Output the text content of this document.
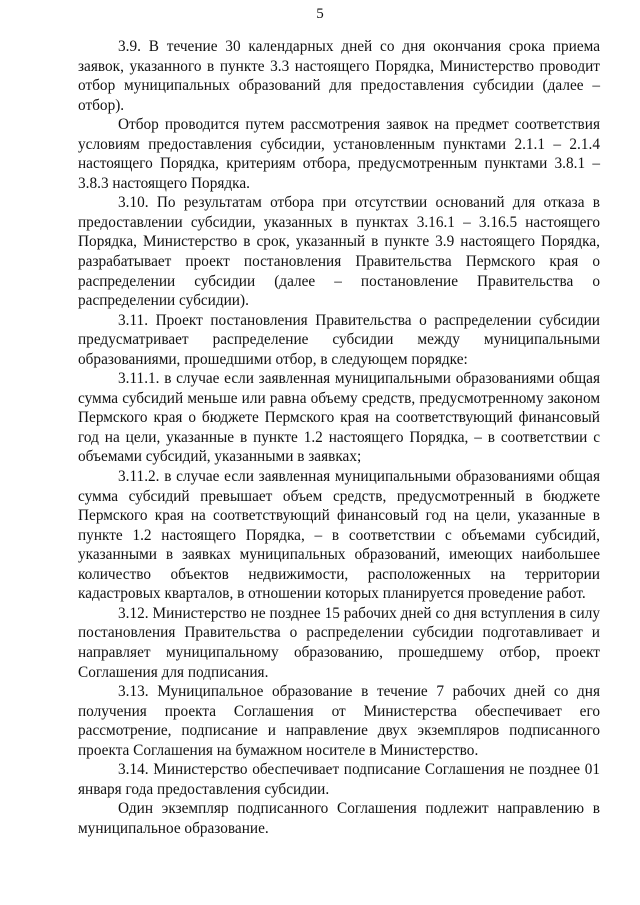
5

3.9. В течение 30 календарных дней со дня окончания срока приема заявок, указанного в пункте 3.3 настоящего Порядка, Министерство проводит отбор муниципальных образований для предоставления субсидии (далее – отбор).

Отбор проводится путем рассмотрения заявок на предмет соответствия условиям предоставления субсидии, установленным пунктами 2.1.1 – 2.1.4 настоящего Порядка, критериям отбора, предусмотренным пунктами 3.8.1 – 3.8.3 настоящего Порядка.

3.10. По результатам отбора при отсутствии оснований для отказа в предоставлении субсидии, указанных в пунктах 3.16.1 – 3.16.5 настоящего Порядка, Министерство в срок, указанный в пункте 3.9 настоящего Порядка, разрабатывает проект постановления Правительства Пермского края о распределении субсидии (далее – постановление Правительства о распределении субсидии).

3.11. Проект постановления Правительства о распределении субсидии предусматривает распределение субсидии между муниципальными образованиями, прошедшими отбор, в следующем порядке:

3.11.1. в случае если заявленная муниципальными образованиями общая сумма субсидий меньше или равна объему средств, предусмотренному законом Пермского края о бюджете Пермского края на соответствующий финансовый год на цели, указанные в пункте 1.2 настоящего Порядка, – в соответствии с объемами субсидий, указанными в заявках;

3.11.2. в случае если заявленная муниципальными образованиями общая сумма субсидий превышает объем средств, предусмотренный в бюджете Пермского края на соответствующий финансовый год на цели, указанные в пункте 1.2 настоящего Порядка, – в соответствии с объемами субсидий, указанными в заявках муниципальных образований, имеющих наибольшее количество объектов недвижимости, расположенных на территории кадастровых кварталов, в отношении которых планируется проведение работ.

3.12. Министерство не позднее 15 рабочих дней со дня вступления в силу постановления Правительства о распределении субсидии подготавливает и направляет муниципальному образованию, прошедшему отбор, проект Соглашения для подписания.

3.13. Муниципальное образование в течение 7 рабочих дней со дня получения проекта Соглашения от Министерства обеспечивает его рассмотрение, подписание и направление двух экземпляров подписанного проекта Соглашения на бумажном носителе в Министерство.

3.14. Министерство обеспечивает подписание Соглашения не позднее 01 января года предоставления субсидии.

Один экземпляр подписанного Соглашения подлежит направлению в муниципальное образование.
